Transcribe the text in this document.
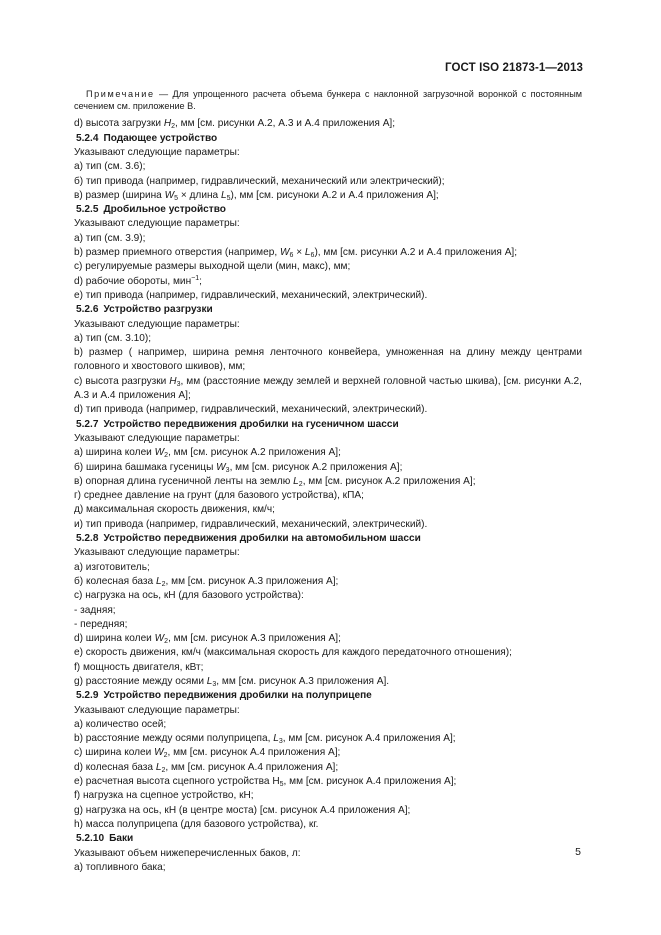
ГОСТ ISO 21873-1—2013
Примечание — Для упрощенного расчета объема бункера с наклонной загрузочной воронкой с постоянным сечением см. приложение В.
d) высота загрузки $H_2$, мм [см. рисунки А.2, А.3 и А.4 приложения А];
5.2.4 Подающее устройство
Указывают следующие параметры:
а) тип (см. 3.6);
б) тип привода (например, гидравлический, механический или электрический);
в) размер (ширина $W_5$ × длина $L_5$), мм [см. рисуноки А.2 и А.4 приложения А];
5.2.5 Дробильное устройство
Указывают следующие параметры:
а) тип (см. 3.9);
b) размер приемного отверстия (например, $W_6 \times L_6$), мм [см. рисунки А.2 и А.4 приложения А];
с) регулируемые размеры выходной щели (мин, макс), мм;
d) рабочие обороты, мин$^{-1}$;
е) тип привода (например, гидравлический, механический, электрический).
5.2.6 Устройство разгрузки
Указывают следующие параметры:
а) тип (см. 3.10);
b) размер ( например, ширина ремня ленточного конвейера, умноженная на длину между центрами головного и хвостового шкивов), мм;
с) высота разгрузки $H_3$, мм (расстояние между землей и верхней головной частью шкива), [см. рисунки А.2, А.3 и А.4 приложения А];
d) тип привода (например, гидравлический, механический, электрический).
5.2.7 Устройство передвижения дробилки на гусеничном шасси
Указывают следующие параметры:
а) ширина колеи $W_2$, мм [см. рисунок А.2 приложения А];
б) ширина башмака гусеницы $W_3$, мм [см. рисунок А.2 приложения А];
в) опорная длина гусеничной ленты на землю $L_2$, мм [см. рисунок А.2 приложения А];
г) среднее давление на грунт (для базового устройства), кПА;
д) максимальная скорость движения, км/ч;
и) тип привода (например, гидравлический, механический, электрический).
5.2.8 Устройство передвижения дробилки на автомобильном шасси
Указывают следующие параметры:
а) изготовитель;
б) колесная база $L_2$, мм [см. рисунок А.3 приложения А];
с) нагрузка на ось, кН (для базового устройства):
- задняя;
- передняя;
d) ширина колеи $W_2$, мм [см. рисунок А.3 приложения А];
е) скорость движения, км/ч (максимальная скорость для каждого передаточного отношения);
f) мощность двигателя, кВт;
g) расстояние между осями $L_3$, мм [см. рисунок А.3 приложения А].
5.2.9 Устройство передвижения дробилки на полуприцепе
Указывают следующие параметры:
а) количество осей;
b) расстояние между осями полуприцепа, $L_3$, мм [см. рисунок А.4 приложения А];
с) ширина колеи $W_2$, мм [см. рисунок А.4 приложения А];
d) колесная база $L_2$, мм [см. рисунок А.4 приложения А];
е) расчетная высота сцепного устройства $H_5$, мм [см. рисунок А.4 приложения А];
f) нагрузка на сцепное устройство, кН;
g) нагрузка на ось, кН (в центре моста) [см. рисунок А.4 приложения А];
h) масса полуприцепа (для базового устройства), кг.
5.2.10 Баки
Указывают объем нижеперечисленных баков, л:
а) топливного бака;
5
